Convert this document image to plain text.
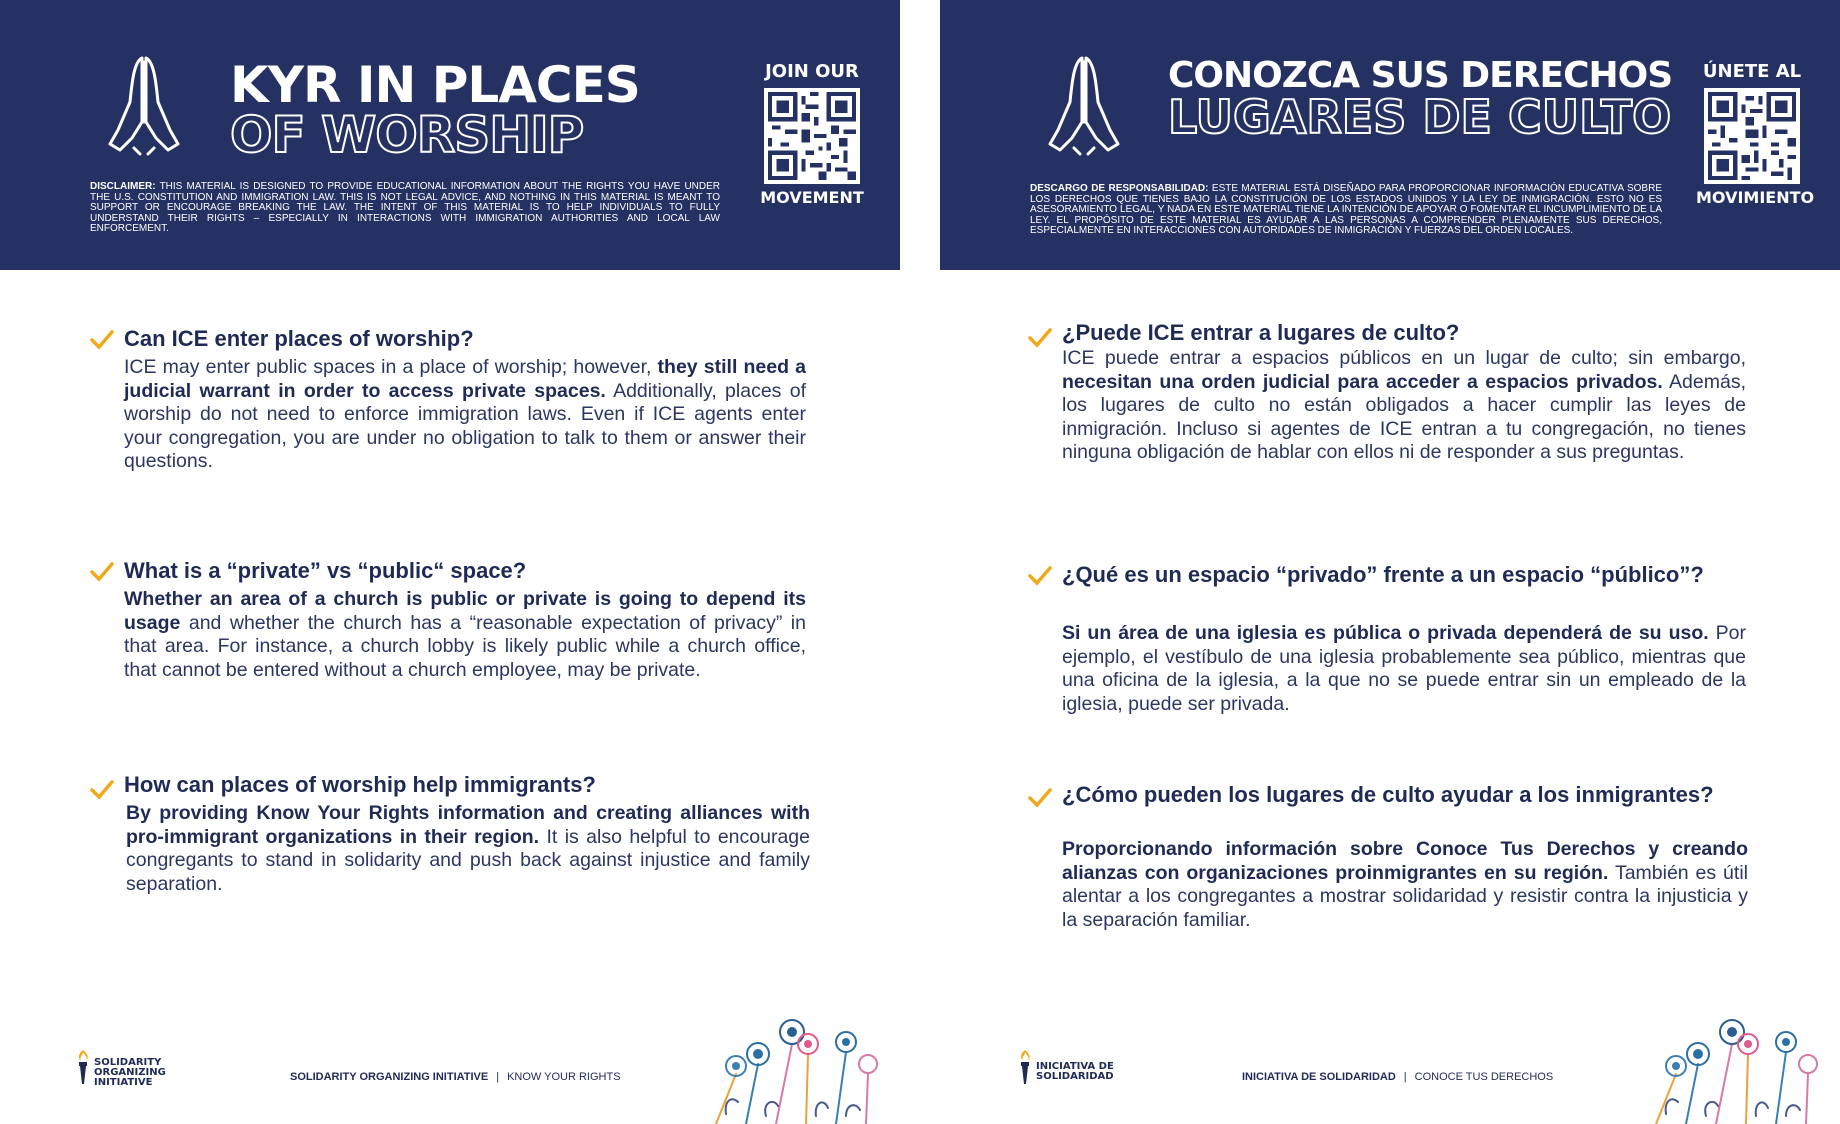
KYR IN PLACES
OF WORSHIP
JOIN OUR
MOVEMENT
DISCLAIMER: THIS MATERIAL IS DESIGNED TO PROVIDE EDUCATIONAL INFORMATION ABOUT THE RIGHTS YOU HAVE UNDER THE U.S. CONSTITUTION AND IMMIGRATION LAW. THIS IS NOT LEGAL ADVICE, AND NOTHING IN THIS MATERIAL IS MEANT TO SUPPORT OR ENCOURAGE BREAKING THE LAW. THE INTENT OF THIS MATERIAL IS TO HELP INDIVIDUALS TO FULLY UNDERSTAND THEIR RIGHTS – ESPECIALLY IN INTERACTIONS WITH IMMIGRATION AUTHORITIES AND LOCAL LAW ENFORCEMENT.
Can ICE enter places of worship?
ICE may enter public spaces in a place of worship; however, they still need a judicial warrant in order to access private spaces. Additionally, places of worship do not need to enforce immigration laws. Even if ICE agents enter your congregation, you are under no obligation to talk to them or answer their questions.
What is a “private” vs “public“ space?
Whether an area of a church is public or private is going to depend its usage and whether the church has a “reasonable expectation of privacy” in that area. For instance, a church lobby is likely public while a church office, that cannot be entered without a church employee, may be private.
How can places of worship help immigrants?
By providing Know Your Rights information and creating alliances with pro-immigrant organizations in their region. It is also helpful to encourage congregants to stand in solidarity and push back against injustice and family separation.
SOLIDARITY
ORGANIZING
INITIATIVE	SOLIDARITY ORGANIZING INITIATIVE | KNOW YOUR RIGHTS
CONOZCA SUS DERECHOS
LUGARES DE CULTO
ÚNETE AL
MOVIMIENTO
DESCARGO DE RESPONSABILIDAD: ESTE MATERIAL ESTÁ DISEÑADO PARA PROPORCIONAR INFORMACIÓN EDUCATIVA SOBRE LOS DERECHOS QUE TIENES BAJO LA CONSTITUCIÓN DE LOS ESTADOS UNIDOS Y LA LEY DE INMIGRACIÓN. ESTO NO ES ASESORAMIENTO LEGAL, Y NADA EN ESTE MATERIAL TIENE LA INTENCIÓN DE APOYAR O FOMENTAR EL INCUMPLIMIENTO DE LA LEY. EL PROPÓSITO DE ESTE MATERIAL ES AYUDAR A LAS PERSONAS A COMPRENDER PLENAMENTE SUS DERECHOS, ESPECIALMENTE EN INTERACCIONES CON AUTORIDADES DE INMIGRACIÓN Y FUERZAS DEL ORDEN LOCALES.
¿Puede ICE entrar a lugares de culto?
ICE puede entrar a espacios públicos en un lugar de culto; sin embargo, necesitan una orden judicial para acceder a espacios privados. Además, los lugares de culto no están obligados a hacer cumplir las leyes de inmigración. Incluso si agentes de ICE entran a tu congregación, no tienes ninguna obligación de hablar con ellos ni de responder a sus preguntas.
¿Qué es un espacio “privado” frente a un espacio “público”?
Si un área de una iglesia es pública o privada dependerá de su uso. Por ejemplo, el vestíbulo de una iglesia probablemente sea público, mientras que una oficina de la iglesia, a la que no se puede entrar sin un empleado de la iglesia, puede ser privada.
¿Cómo pueden los lugares de culto ayudar a los inmigrantes?
Proporcionando información sobre Conoce Tus Derechos y creando alianzas con organizaciones proinmigrantes en su región. También es útil alentar a los congregantes a mostrar solidaridad y resistir contra la injusticia y la separación familiar.
INICIATIVA DE
SOLIDARIDAD	INICIATIVA DE SOLIDARIDAD | CONOCE TUS DERECHOS
